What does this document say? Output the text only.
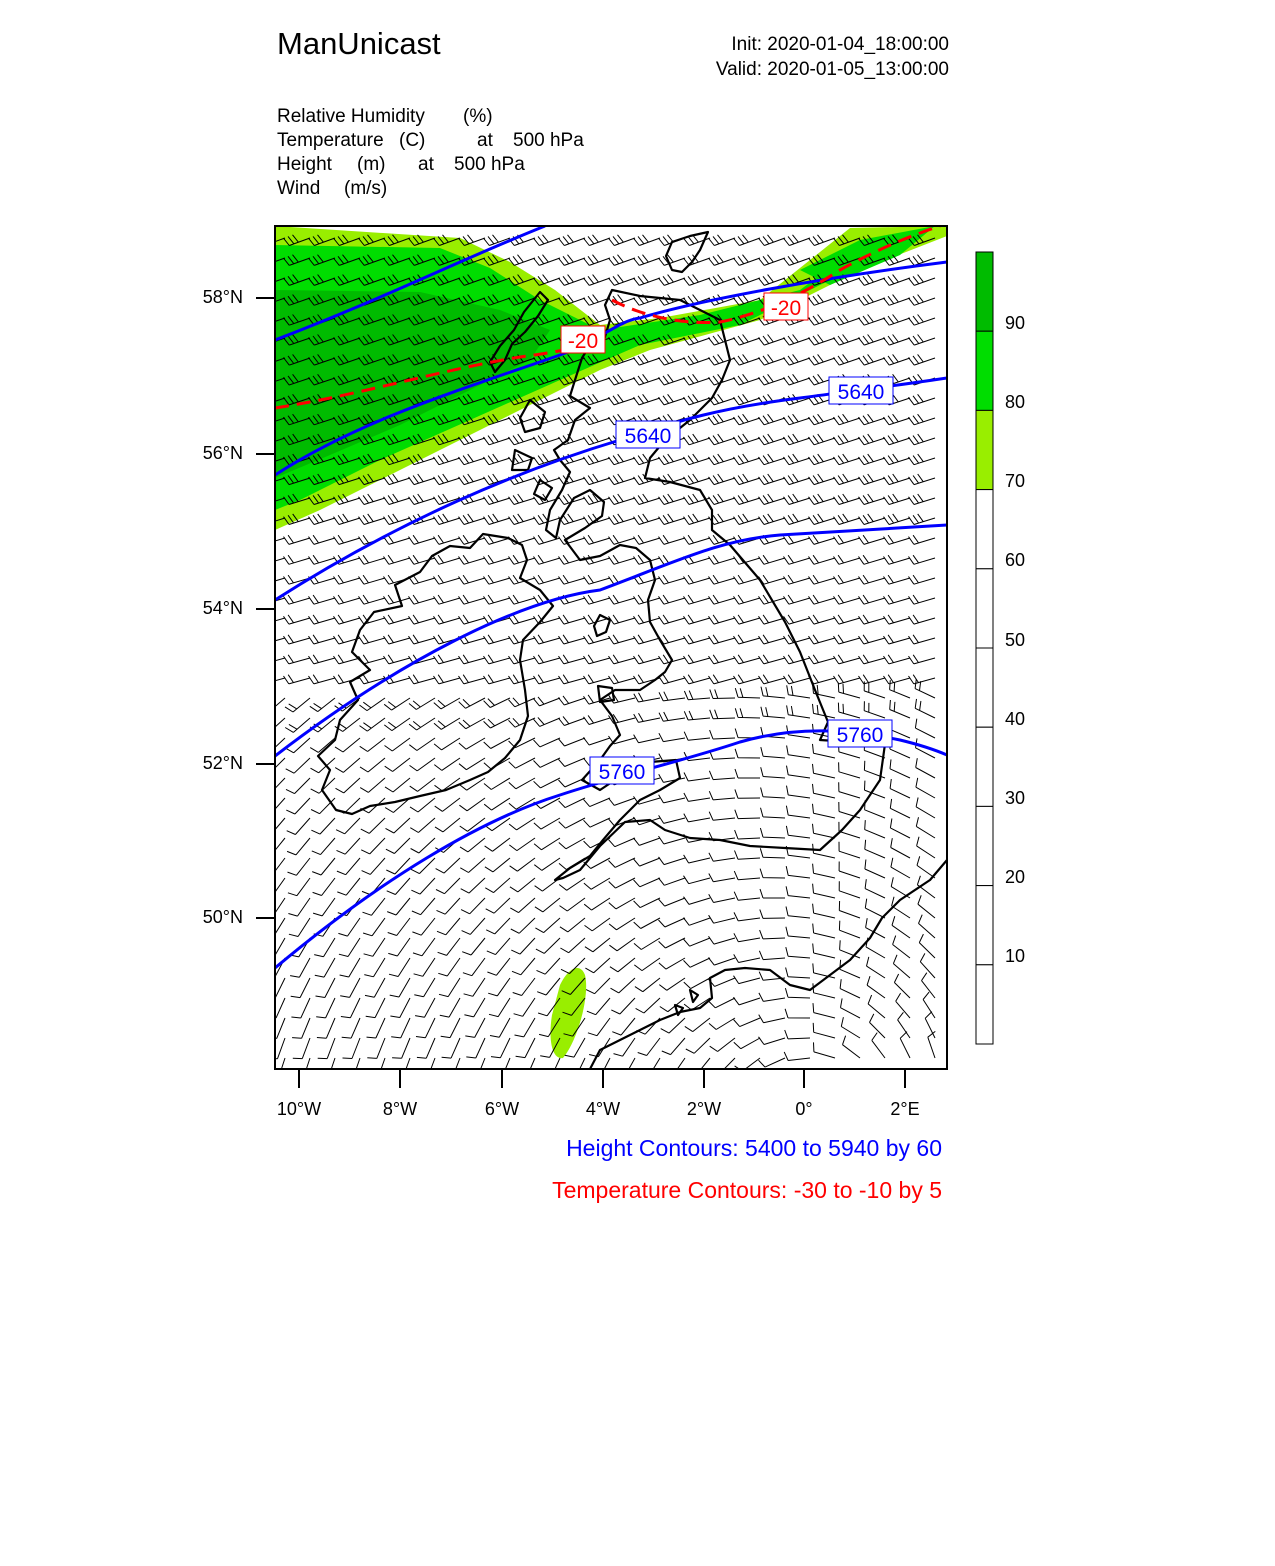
ManUnicast	Init: 2020-01-04_18:00:00
Valid: 2020-01-05_13:00:00
Relative Humidity (%)
Temperature (C)	at 500 hPa
Height (m) at 500 hPa
Wind (m/s)
5640
5640
5760
5760
-20
-20
58°N
56°N
54°N
52°N
50°N
10°W	8°W	6°W	4°W	2°W	0°	2°E
90
80
70
60
50
40
30
20
10
Height Contours: 5400 to 5940 by 60
Temperature Contours: -30 to -10 by 5
